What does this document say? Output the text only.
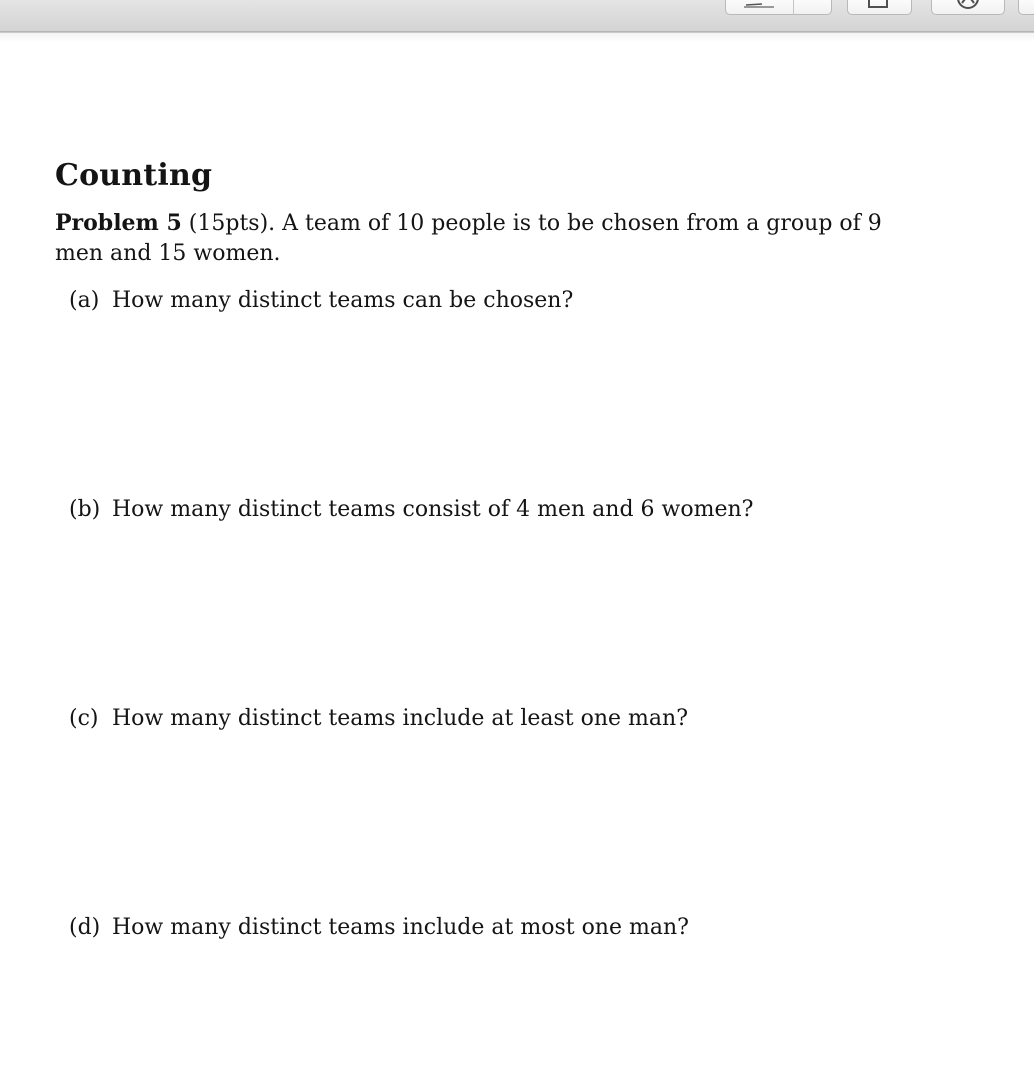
Counting

Problem 5 (15pts). A team of 10 people is to be chosen from a group of 9 men and 15 women.

(a) How many distinct teams can be chosen?
(b) How many distinct teams consist of 4 men and 6 women?
(c) How many distinct teams include at least one man?
(d) How many distinct teams include at most one man?
